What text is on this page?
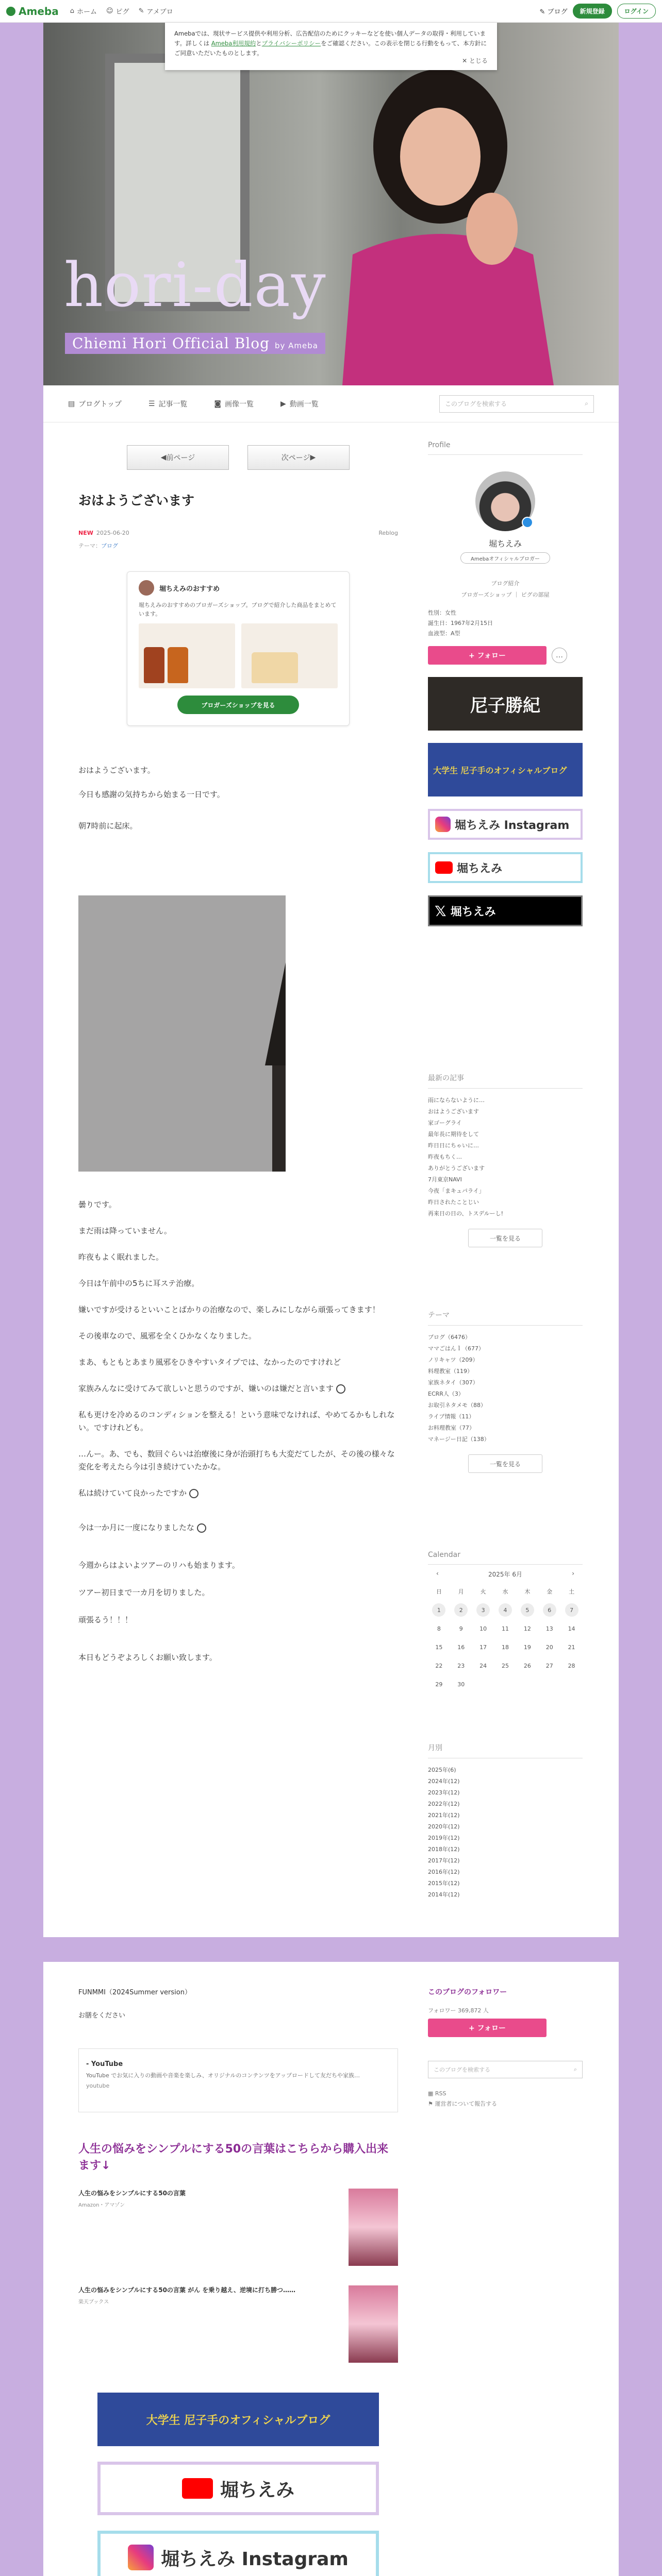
Ameba ⌂ ホーム ☺ ピグ ✎ アメブロ	✎ ブログ	新規登録	ログイン
hori-day
Chiemi Hori Official Blog by Ameba
Amebaでは、現状サービス提供や利用分析、広告配信のためにクッキーなどを使い個人データの取得・利用しています。詳しくは Ameba利用規約とプライバシーポリシーをご確認ください。この表示を閉じる行動をもって、本方針にご同意いただいたものとします。
✕ とじる
▤ ブログトップ	☰ 記事一覧	◙ 画像一覧	▶ 動画一覧	このブログを検索する	⌕
◀ 前ページ	次ページ ▶
おはようございます
NEW 2025-06-20	Reblog
テーマ：ブログ
堀ちえみのおすすめ
堀ちえみのおすすめのブロガーズショップ。ブログで紹介した商品をまとめています。
ブロガーズショップを見る

おはようございます。

今日も感謝の気持ちから始まる一日です。

朝7時前に起床。

曇りです。

まだ雨は降っていません。

昨夜もよく眠れました。

今日は午前中の5ちに耳ステ治療。

嫌いですが受けるといいことばかりの治療なので、楽しみにしながら頑張ってきます！

その後車なので、風邪を全くひかなくなりました。

まあ、もともとあまり風邪をひきやすいタイプでは、なかったのですけれど

家族みんなに受けてみて欲しいと思うのですが、嫌いのは嫌だと言います

私も更けを冷めるのコンディションを整える！という意味でなければ、やめてるかもしれない。ですけれども。

…んー。あ、でも、数回ぐらいは治療後に身が治頭打ちも大変だてしたが、その後の様々な変化を考えたら今は引き続けていたかな。

私は続けていて良かったですか

今は一か月に一度になりましたな

今週からはよいよツアーのリハも始まります。

ツアー初日まで一カ月を切りました。

頑張るう！！！

本日もどうぞよろしくお願い致します。

Profile
堀ちえみ
Amebaオフィシャルブロガー
ブログ紹介
ブロガーズショップ ｜ ピグの部屋
性別：女性
誕生日：1967年2月15日
血液型：A型
+ フォロー	…
尼子勝紀
大学生 尼子手のオフィシャルブログ
堀ちえみ Instagram
堀ちえみ
𝕏 堀ちえみ
最新の記事
雨にならないように…
おはようございます
家ゴーグライ
最年長に期待をして
昨日日にちゃいに…
昨夜もちく…
ありがとうございます
7月東京NAVI
今夜「まキュパライ」
昨日されたことじい
再来日の日の、トスデルーし!
一覧を見る
テーマ
ブログ（6476）
ママごはんｌ（677）
ノリキャツ（209）
料理教室（119）
家族ネタイ（307）
ECRR人（3）
お取引ネタメモ（88）
ライブ情報（11）
お料理教室（77）
マネージー日記（138）
一覧を見る
Calendar
‹	2025年 6月	›
日	月	火	水	木	金	土
1	2	3	4	5	6	7
8	9	10	11	12	13	14
15	16	17	18	19	20	21
22	23	24	25	26	27	28
29	30
月別
2025年(6)
2024年(12)
2023年(12)
2022年(12)
2021年(12)
2020年(12)
2019年(12)
2018年(12)
2017年(12)
2016年(12)
2015年(12)
2014年(12)

FUNMMI（2024Summer version）

お膳をください

- YouTube
YouTube でお気に入りの動画や音楽を楽しみ、オリジナルのコンテンツをアップロードして友だちや家族…
youtube
人生の悩みをシンプルにする50の言葉はこちらから購入出来ます↓
人生の悩みをシンプルにする50の言葉
Amazon・アマゾン
人生の悩みをシンプルにする50の言葉 がん を乗り越え、逆境に打ち勝つ……
楽天ブックス
大学生 尼子手のオフィシャルブログ
堀ちえみ
堀ちえみ Instagram
このブログのフォロワー
フォロワー 369,872 人
+ フォロー
このブログを検索する	⌕
▦ RSS
⚑ 運営者について報告する
